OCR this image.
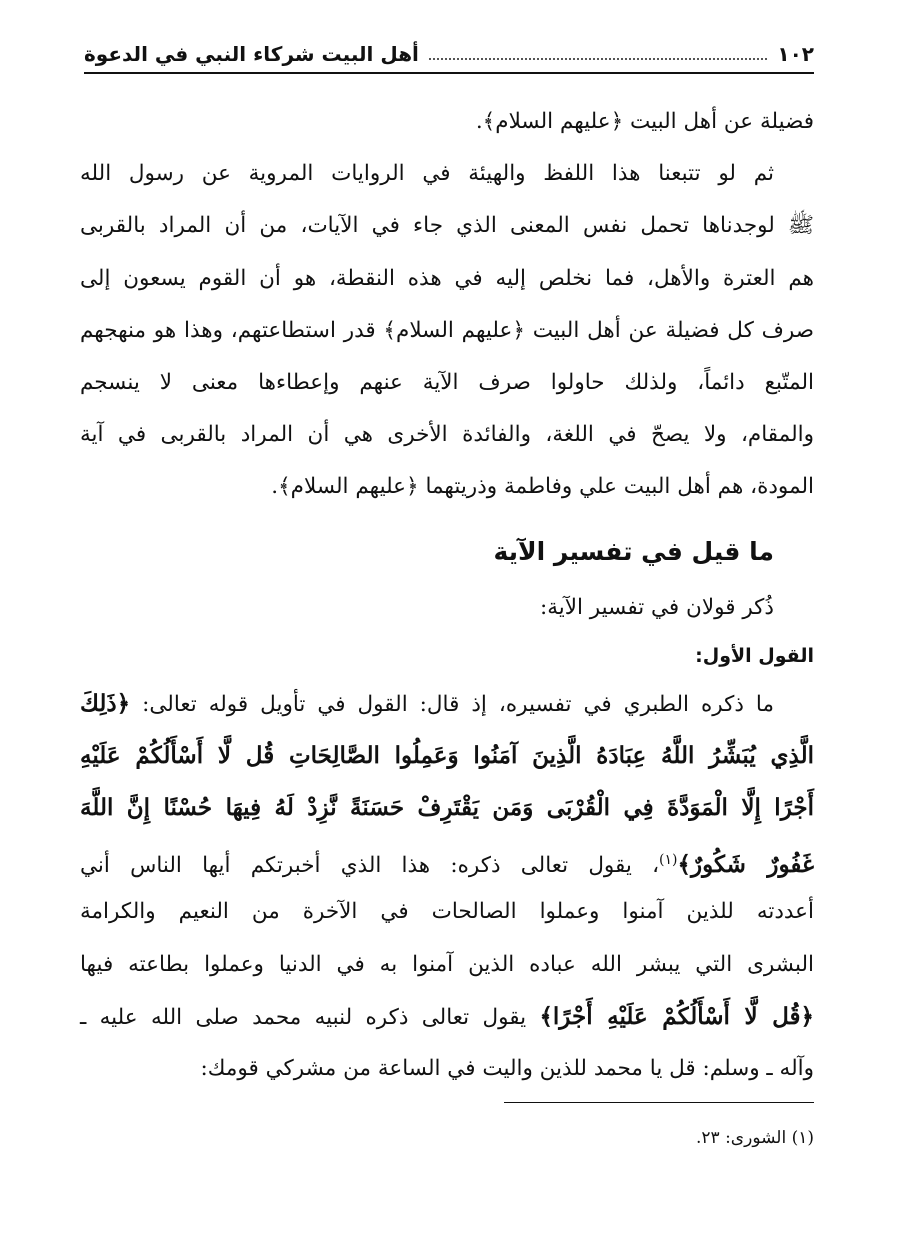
١٠٢
أهل البيت شركاء النبي في الدعوة
فضيلة عن أهل البيت ﴿عليهم السلام﴾.
ثم لو تتبعنا هذا اللفظ والهيئة في الروايات المروية عن رسول الله
ﷺ لوجدناها تحمل نفس المعنى الذي جاء في الآيات، من أن المراد بالقربى
هم العترة والأهل، فما نخلص إليه في هذه النقطة، هو أن القوم يسعون إلى
صرف كل فضيلة عن أهل البيت ﴿عليهم السلام﴾ قدر استطاعتهم، وهذا هو منهجهم
المتّبع دائماً، ولذلك حاولوا صرف الآية عنهم وإعطاءها معنى لا ينسجم
والمقام، ولا يصحّ في اللغة، والفائدة الأخرى هي أن المراد بالقربى في آية
المودة، هم أهل البيت علي وفاطمة وذريتهما ﴿عليهم السلام﴾.
ما قيل في تفسير الآية
ذُكر قولان في تفسير الآية:
القول الأول:
ما ذكره الطبري في تفسيره، إذ قال: القول في تأويل قوله تعالى: ﴿ذَلِكَ
الَّذِي يُبَشِّرُ اللَّهُ عِبَادَهُ الَّذِينَ آمَنُوا وَعَمِلُوا الصَّالِحَاتِ قُل لَّا أَسْأَلُكُمْ عَلَيْهِ
أَجْرًا إِلَّا الْمَوَدَّةَ فِي الْقُرْبَى وَمَن يَقْتَرِفْ حَسَنَةً نَّزِدْ لَهُ فِيهَا حُسْنًا إِنَّ اللَّهَ
غَفُورٌ شَكُورٌ﴾$^{(١)}$، يقول تعالى ذكره: هذا الذي أخبرتكم أيها الناس أني
أعددته للذين آمنوا وعملوا الصالحات في الآخرة من النعيم والكرامة
البشرى التي يبشر الله عباده الذين آمنوا به في الدنيا وعملوا بطاعته فيها
﴿قُل لَّا أَسْأَلُكُمْ عَلَيْهِ أَجْرًا﴾ يقول تعالى ذكره لنبيه محمد صلى الله عليه ـ
وآله ـ وسلم: قل يا محمد للذين واليت في الساعة من مشركي قومك:
(١) الشورى: ٢٣.
